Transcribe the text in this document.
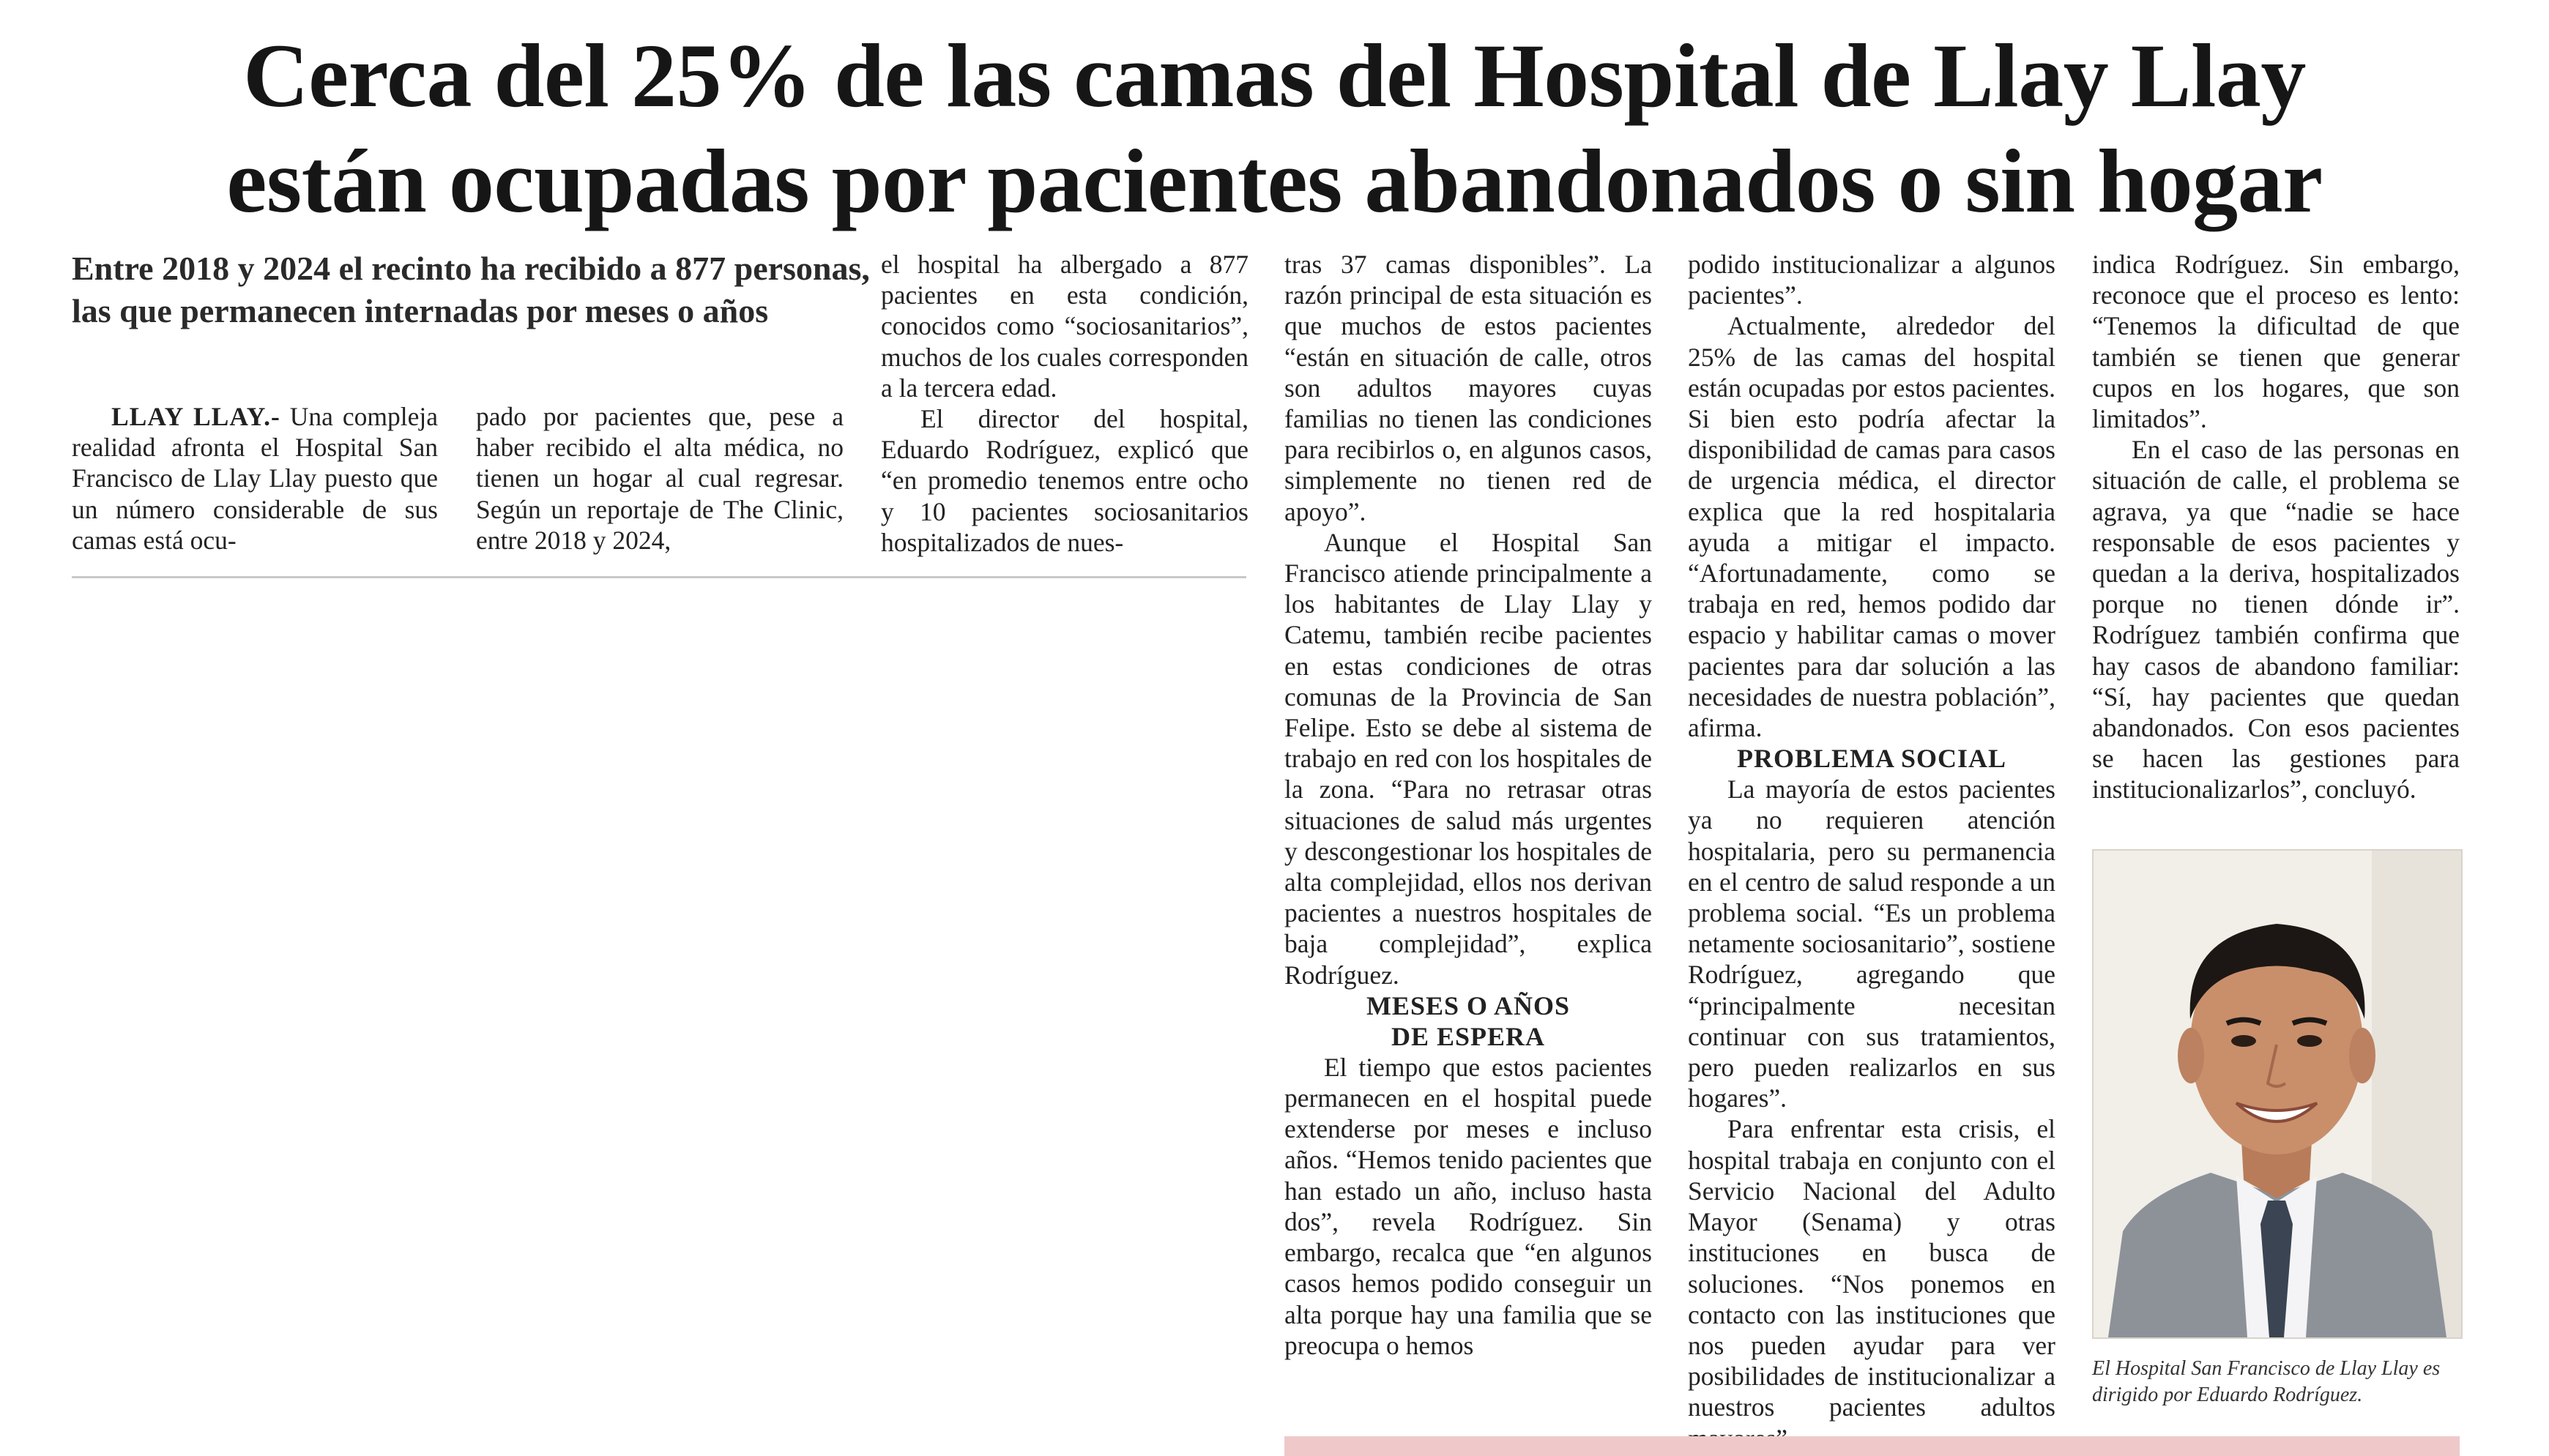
Cerca del 25% de las camas del Hospital de Llay Llay
están ocupadas por pacientes abandonados o sin hogar
Entre 2018 y 2024 el recinto ha recibido a 877 personas, las que permanecen internadas por meses o años

LLAY LLAY.- Una compleja realidad afronta el Hospital San Francisco de Llay Llay puesto que un número considerable de sus camas está ocu-

pado por pacientes que, pese a haber recibido el alta médica, no tienen un hogar al cual regresar. Según un reportaje de The Clinic, entre 2018 y 2024,

el hospital ha albergado a 877 pacientes en esta condición, conocidos como “sociosanitarios”, muchos de los cuales corresponden a la tercera edad.

El director del hospital, Eduardo Rodríguez, explicó que “en promedio tenemos entre ocho y 10 pacientes sociosanitarios hospitalizados de nues-

tras 37 camas disponibles”. La razón principal de esta situación es que muchos de estos pacientes “están en situación de calle, otros son adultos mayores cuyas familias no tienen las condiciones para recibirlos o, en algunos casos, simplemente no tienen red de apoyo”.

Aunque el Hospital San Francisco atiende principalmente a los habitantes de Llay Llay y Catemu, también recibe pacientes en estas condiciones de otras comunas de la Provincia de San Felipe. Esto se debe al sistema de trabajo en red con los hospitales de la zona. “Para no retrasar otras situaciones de salud más urgentes y descongestionar los hospitales de alta complejidad, ellos nos derivan pacientes a nuestros hospitales de baja complejidad”, explica Rodríguez.

MESES O AÑOS
DE ESPERA

El tiempo que estos pacientes permanecen en el hospital puede extenderse por meses e incluso años. “Hemos tenido pacientes que han estado un año, incluso hasta dos”, revela Rodríguez. Sin embargo, recalca que “en algunos casos hemos podido conseguir un alta porque hay una familia que se preocupa o hemos

podido institucionalizar a algunos pacientes”.

Actualmente, alrededor del 25% de las camas del hospital están ocupadas por estos pacientes. Si bien esto podría afectar la disponibilidad de camas para casos de urgencia médica, el director explica que la red hospitalaria ayuda a mitigar el impacto. “Afortunadamente, como se trabaja en red, hemos podido dar espacio y habilitar camas o mover pacientes para dar solución a las necesidades de nuestra población”, afirma.

PROBLEMA SOCIAL

La mayoría de estos pacientes ya no requieren atención hospitalaria, pero su permanencia en el centro de salud responde a un problema social. “Es un problema netamente sociosanitario”, sostiene Rodríguez, agregando que “principalmente necesitan continuar con sus tratamientos, pero pueden realizarlos en sus hogares”.

Para enfrentar esta crisis, el hospital trabaja en conjunto con el Servicio Nacional del Adulto Mayor (Senama) y otras instituciones en busca de soluciones. “Nos ponemos en contacto con las instituciones que nos pueden ayudar para ver posibilidades de institucionalizar a nuestros pacientes adultos

indica Rodríguez. Sin embargo, reconoce que el proceso es lento: “Tenemos la dificultad de que también se tienen que generar cupos en los hogares, que son limitados”.

En el caso de las personas en situación de calle, el problema se agrava, ya que “nadie se hace responsable de esos pacientes y quedan a la deriva, hospitalizados porque no tienen dónde ir”. Rodríguez también confirma que hay casos de abandono familiar: “Sí, hay pacientes que quedan abandonados. Con esos pacientes se hacen las gestiones para institucionalizarlos”, concluyó.

El Hospital San Francisco de Llay Llay es dirigido por Eduardo Rodríguez.
